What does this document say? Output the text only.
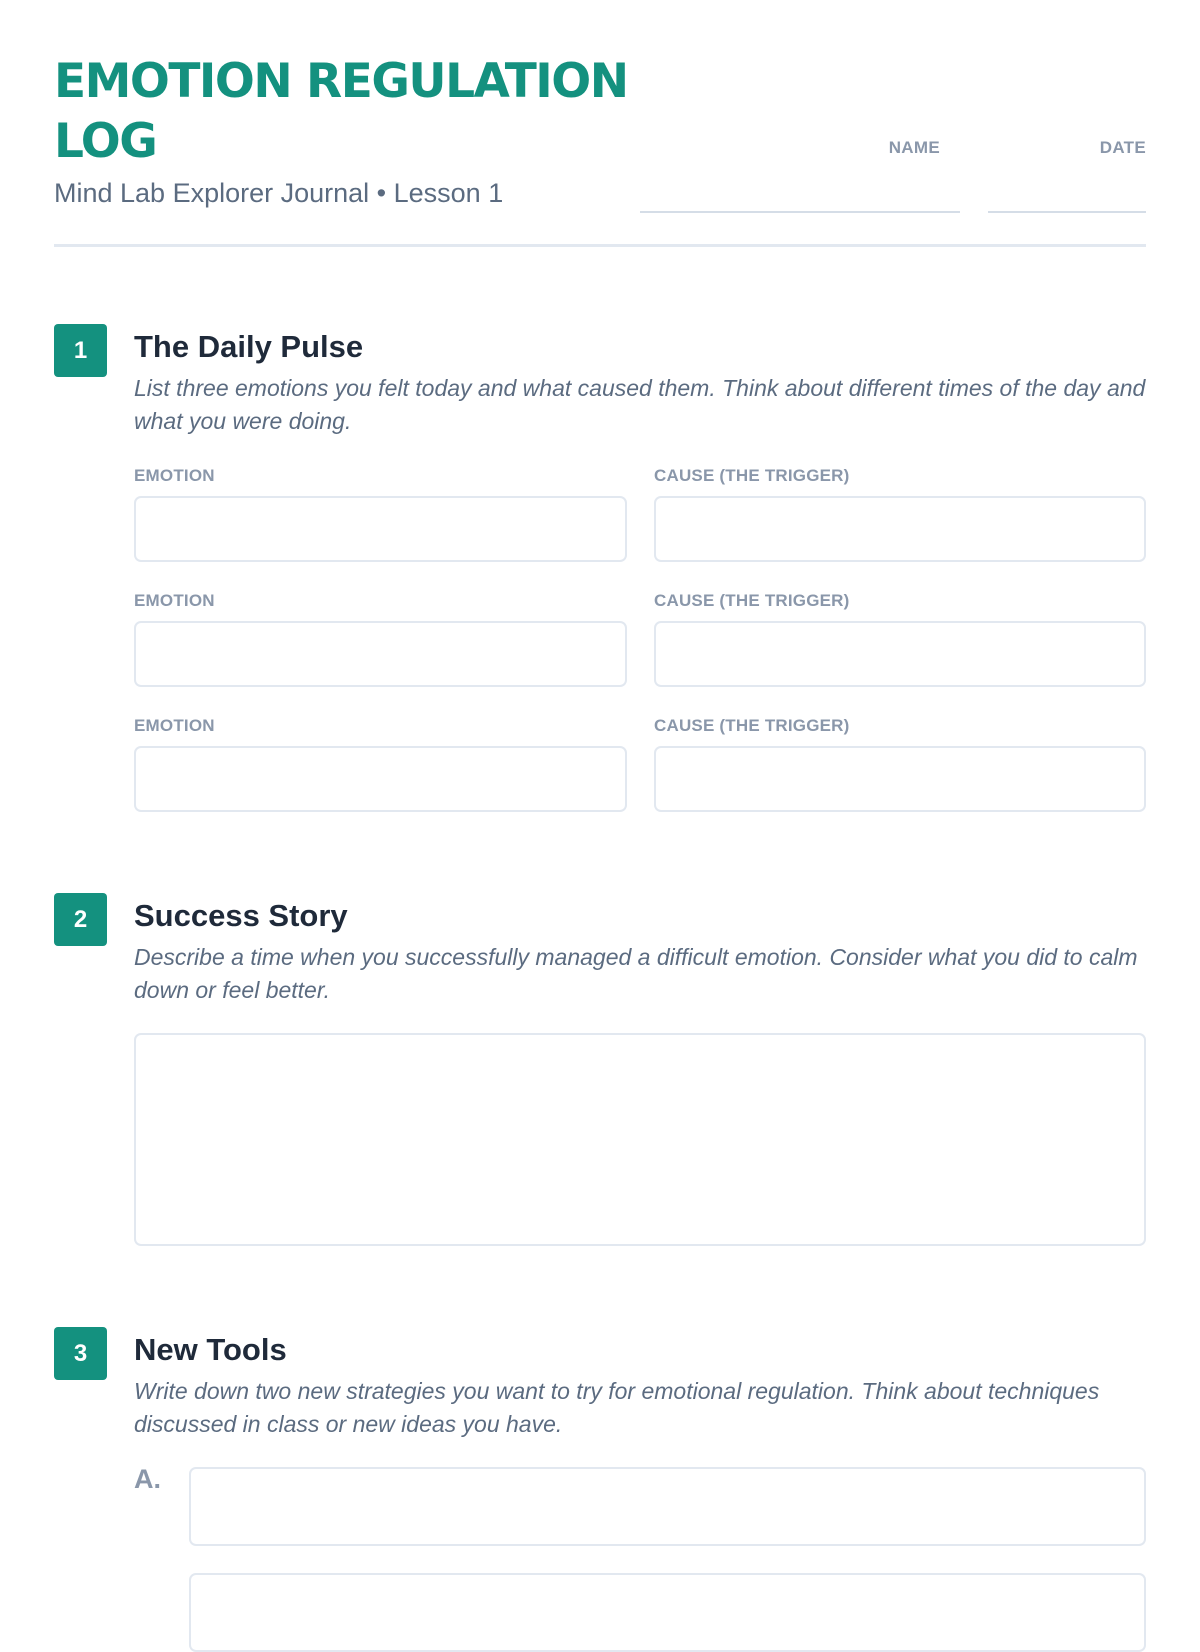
EMOTION REGULATION LOG
Mind Lab Explorer Journal • Lesson 1
NAME	DATE
1	The Daily Pulse

List three emotions you felt today and what caused them. Think about different times of the day and what you were doing.

EMOTION	CAUSE (THE TRIGGER)
EMOTION	CAUSE (THE TRIGGER)
EMOTION	CAUSE (THE TRIGGER)
2	Success Story

Describe a time when you successfully managed a difficult emotion. Consider what you did to calm down or feel better.

3	New Tools

Write down two new strategies you want to try for emotional regulation. Think about techniques discussed in class or new ideas you have.

A.
